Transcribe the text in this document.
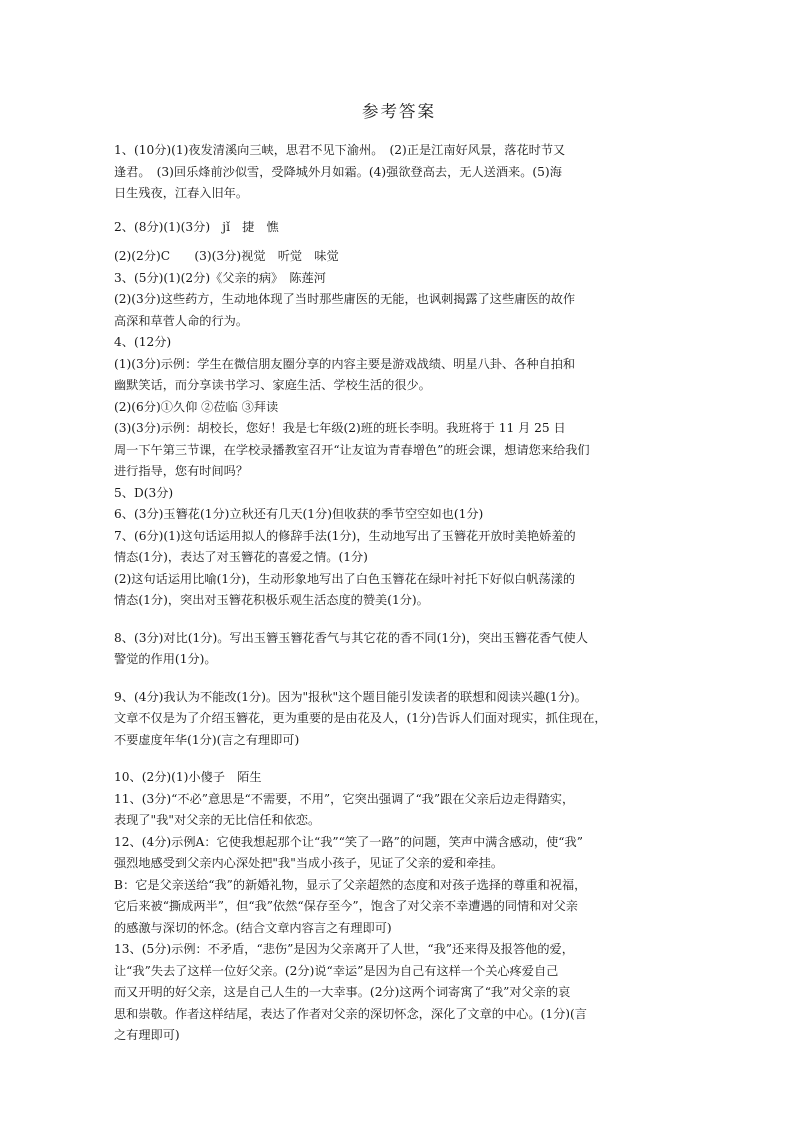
参考答案
1、(10分)(1)夜发清溪向三峡，思君不见下渝州。　(2)正是江南好风景，落花时节又
逢君。　(3)回乐烽前沙似雪，受降城外月如霜。(4)强欲登高去，无人送酒来。(5)海
日生残夜，江春入旧年。
2、(8分)(1)(3分)　jǐ　捷　憔
(2)(2分)C　　(3)(3分)视觉　听觉　味觉
3、(5分)(1)(2分)《父亲的病》　陈莲河
(2)(3分)这些药方，生动地体现了当时那些庸医的无能，也讽刺揭露了这些庸医的故作
高深和草菅人命的行为。
4、(12分)
(1)(3分)示例：学生在微信朋友圈分享的内容主要是游戏战绩、明星八卦、各种自拍和
幽默笑话，而分享读书学习、家庭生活、学校生活的很少。
(2)(6分)①久仰 ②莅临 ③拜读
(3)(3分)示例：胡校长，您好！我是七年级(2)班的班长李明。我班将于 11 月 25 日
周一下午第三节课，在学校录播教室召开“让友谊为青春增色”的班会课，想请您来给我们
进行指导，您有时间吗？
5、D(3分)
6、(3分)玉簪花(1分)立秋还有几天(1分)但收获的季节空空如也(1分)
7、(6分)(1)这句话运用拟人的修辞手法(1分)，生动地写出了玉簪花开放时美艳娇羞的
情态(1分)，表达了对玉簪花的喜爱之情。(1分)
(2)这句话运用比喻(1分)，生动形象地写出了白色玉簪花在绿叶衬托下好似白帆荡漾的
情态(1分)，突出对玉簪花积极乐观生活态度的赞美(1分)。
8、(3分)对比(1分)。写出玉簪玉簪花香气与其它花的香不同(1分)，突出玉簪花香气使人
警觉的作用(1分)。
9、(4分)我认为不能改(1分)。因为"报秋"这个题目能引发读者的联想和阅读兴趣(1分)。
文章不仅是为了介绍玉簪花，更为重要的是由花及人，(1分)告诉人们面对现实，抓住现在，
不要虚度年华(1分)(言之有理即可)
10、(2分)(1)小傻子　陌生
11、(3分)“不必”意思是“不需要，不用”，它突出强调了“我”跟在父亲后边走得踏实，
表现了"我"对父亲的无比信任和依恋。
12、(4分)示例A：它使我想起那个让“我”“笑了一路”的问题，笑声中满含感动，使“我”
强烈地感受到父亲内心深处把"我"当成小孩子，见证了父亲的爱和牵挂。
B：它是父亲送给“我”的新婚礼物，显示了父亲超然的态度和对孩子选择的尊重和祝福，
它后来被“撕成两半”，但“我”依然“保存至今”，饱含了对父亲不幸遭遇的同情和对父亲
的感激与深切的怀念。(结合文章内容言之有理即可)
13、(5分)示例：不矛盾，“悲伤”是因为父亲离开了人世，“我”还来得及报答他的爱，
让“我”失去了这样一位好父亲。(2分)说“幸运”是因为自己有这样一个关心疼爱自己
而又开明的好父亲，这是自己人生的一大幸事。(2分)这两个词寄寓了“我”对父亲的哀
思和崇敬。作者这样结尾，表达了作者对父亲的深切怀念，深化了文章的中心。(1分)(言
之有理即可)
